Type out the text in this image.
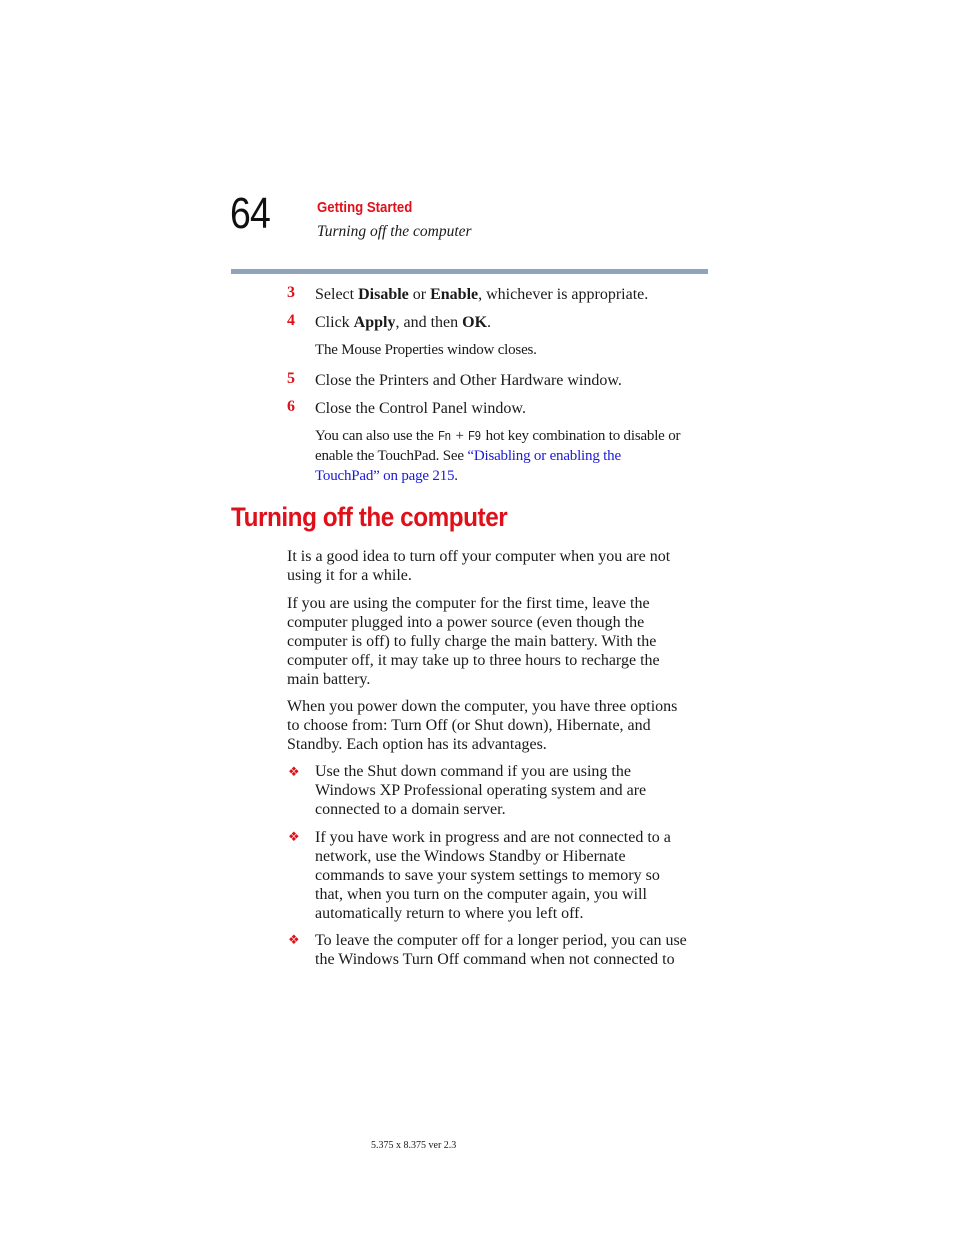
64	Getting Started
Turning off the computer
3 Select Disable or Enable, whichever is appropriate.
4 Click Apply, and then OK.
The Mouse Properties window closes.
5 Close the Printers and Other Hardware window.
6 Close the Control Panel window.
You can also use the Fn + F9 hot key combination to disable or
enable the TouchPad. See “Disabling or enabling the
TouchPad” on page 215.
Turning off the computer
It is a good idea to turn off your computer when you are not
using it for a while.
If you are using the computer for the first time, leave the
computer plugged into a power source (even though the
computer is off) to fully charge the main battery. With the
computer off, it may take up to three hours to recharge the
main battery.
When you power down the computer, you have three options
to choose from: Turn Off (or Shut down), Hibernate, and
Standby. Each option has its advantages.
❖ Use the Shut down command if you are using the
Windows XP Professional operating system and are
connected to a domain server.
❖ If you have work in progress and are not connected to a
network, use the Windows Standby or Hibernate
commands to save your system settings to memory so
that, when you turn on the computer again, you will
automatically return to where you left off.
❖ To leave the computer off for a longer period, you can use
the Windows Turn Off command when not connected to
5.375 x 8.375 ver 2.3
